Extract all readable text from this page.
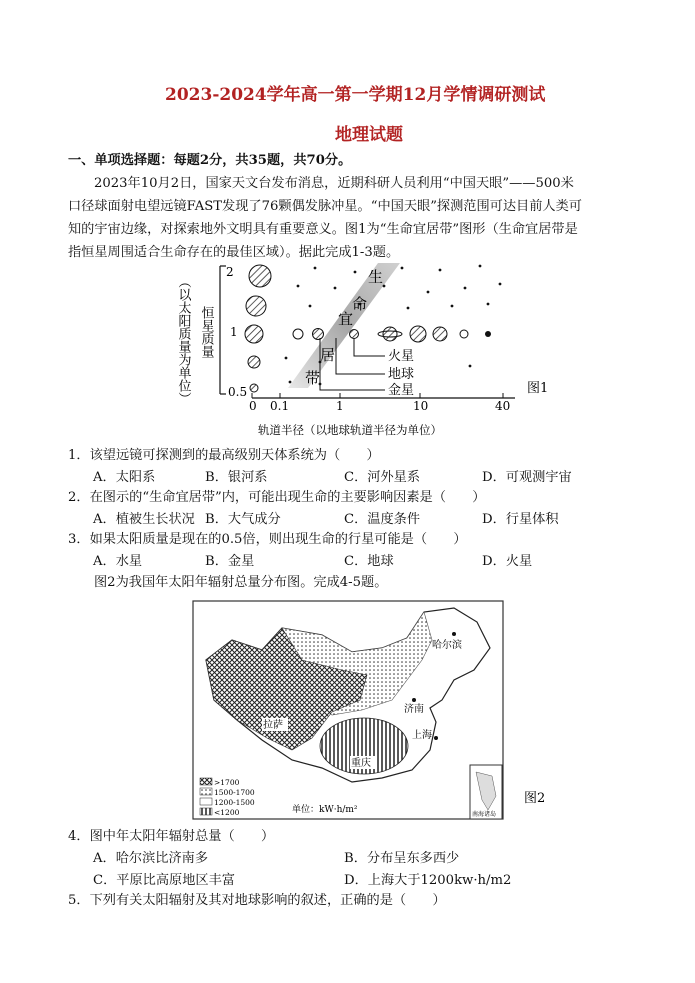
2023-2024学年高一第一学期12月学情调研测试
地理试题
一、单项选择题：每题2分，共35题，共70分。
2023年10月2日，国家天文台发布消息，近期科研人员利用“中国天眼”——500米
口径球面射电望远镜FAST发现了76颗偶发脉冲星。“中国天眼”探测范围可达目前人类可
知的宇宙边缘，对探索地外文明具有重要意义。图1为“生命宜居带”图形（生命宜居带是
指恒星周围适合生命存在的最佳区域）。据此完成1-3题。
（以太阳质量为单位） 恒星质量
2
1
0.5
0 0.1	1	10	40
轨道半径（以地球轨道半径为单位）
生
命
宜
居
带
火星
地球
金星	图1
1．该望远镜可探测到的最高级别天体系统为（　　）
A．太阳系	B．银河系	C．河外星系	D．可观测宇宙
2．在图示的“生命宜居带”内，可能出现生命的主要影响因素是（　　）
A．植被生长状况 B．大气成分	C．温度条件	D．行星体积
3．如果太阳质量是现在的0.5倍，则出现生命的行星可能是（　　）
A．水星	B．金星	C．地球	D．火星
图2为我国年太阳年辐射总量分布图。完成4-5题。
南海诸岛
哈尔滨
济南
上海
拉萨
重庆
>1700
1500-1700
1200-1500
<1200	单位：kW·h/m²
图2
4．图中年太阳年辐射总量（　　）
A．哈尔滨比济南多	B．分布呈东多西少
C．平原比高原地区丰富	D．上海大于1200kw·h/m2
5．下列有关太阳辐射及其对地球影响的叙述，正确的是（　　）
